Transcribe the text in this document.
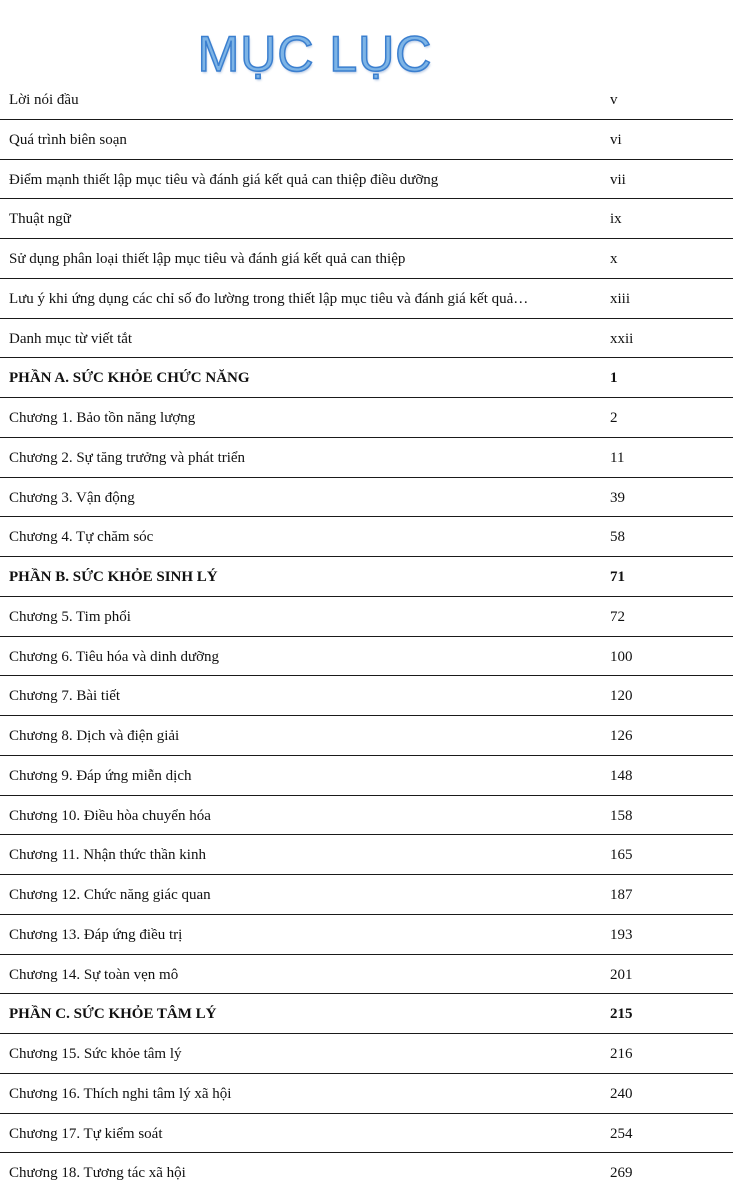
MỤC LỤC
Lời nói đầu	v
Quá trình biên soạn	vi
Điểm mạnh thiết lập mục tiêu và đánh giá kết quả can thiệp điều dưỡng	vii
Thuật ngữ	ix
Sử dụng phân loại thiết lập mục tiêu và đánh giá kết quả can thiệp	x
Lưu ý khi ứng dụng các chỉ số đo lường trong thiết lập mục tiêu và đánh giá kết quả…	xiii
Danh mục từ viết tắt	xxii
PHẦN A. SỨC KHỎE CHỨC NĂNG	1
Chương 1. Bảo tồn năng lượng	2
Chương 2. Sự tăng trưởng và phát triển	11
Chương 3. Vận động	39
Chương 4. Tự chăm sóc	58
PHẦN B. SỨC KHỎE SINH LÝ	71
Chương 5. Tim phổi	72
Chương 6. Tiêu hóa và dinh dưỡng	100
Chương 7. Bài tiết	120
Chương 8. Dịch và điện giải	126
Chương 9. Đáp ứng miễn dịch	148
Chương 10. Điều hòa chuyển hóa	158
Chương 11. Nhận thức thần kinh	165
Chương 12. Chức năng giác quan	187
Chương 13. Đáp ứng điều trị	193
Chương 14. Sự toàn vẹn mô	201
PHẦN C. SỨC KHỎE TÂM LÝ	215
Chương 15. Sức khỏe tâm lý	216
Chương 16. Thích nghi tâm lý xã hội	240
Chương 17. Tự kiểm soát	254
Chương 18. Tương tác xã hội	269
